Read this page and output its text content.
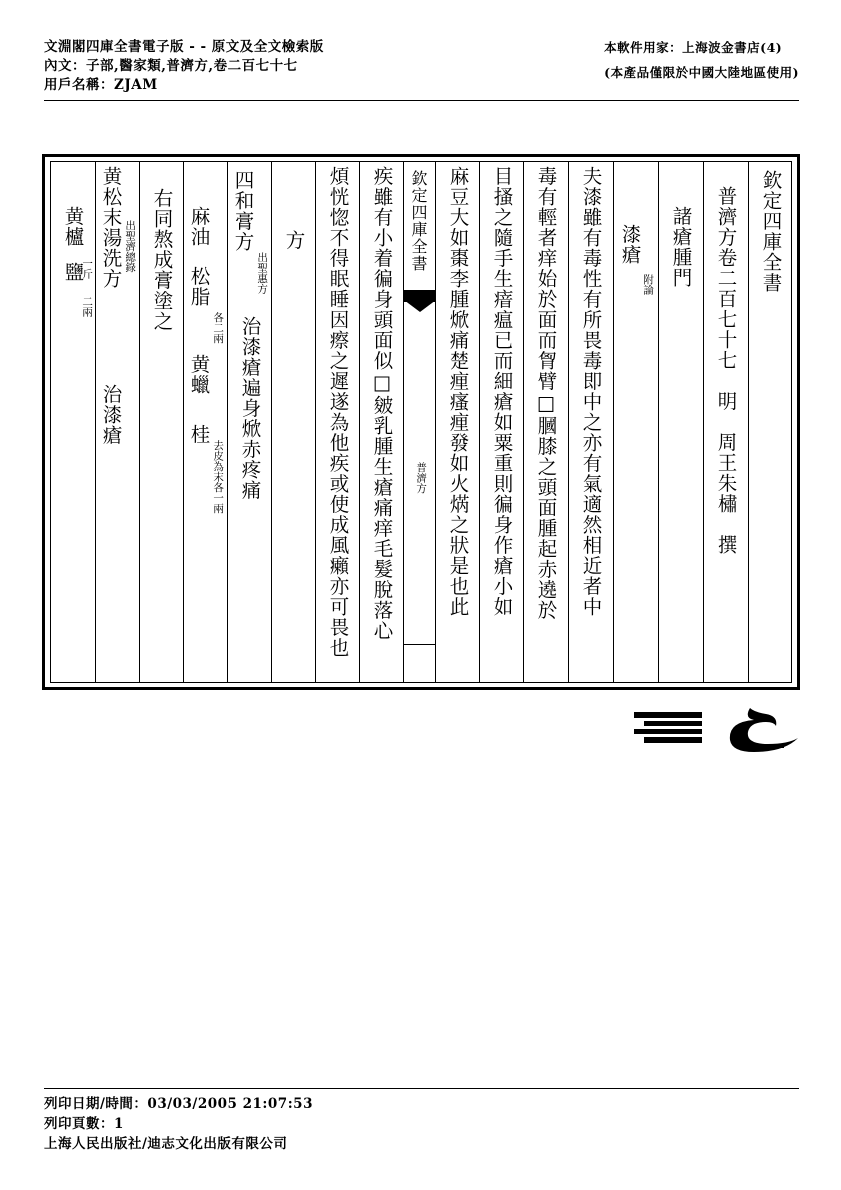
文淵閣四庫全書電子版 - - 原文及全文檢索版
內文：子部,醫家類,普濟方,卷二百七十七
用戶名稱：ZJAM
本軟件用家：上海波金書店(4)
(本產品僅限於中國大陸地區使用)
欽定四庫全書
普濟方卷二百七十七　明　周王朱橚　撰
諸瘡腫門
漆瘡
附論
夫漆雖有毒性有所畏毒即中之亦有氣適然相近者中
毒有輕者痒始於面而胷臂□膕膝之頭面腫起赤遶於
目搔之隨手生瘖瘟已而細瘡如粟重則徧身作瘡小如
麻豆大如棗李腫焮痛楚㾖瘙㾖發如火焫之狀是也此
欽定四庫全書
普濟方
疾雖有小着徧身頭面似□皴乳腫生瘡痛痒毛髮脫落心
煩恍惚不得眠睡因瘵之遲遂為他疾或使成風癩亦可畏也
方
四和膏方
出聖惠方
治漆瘡遍身焮赤疼痛
麻油
松脂
各二兩
黄蠟
桂
去皮為末各一兩
右同熬成膏塗之
黄松末湯洗方 出聖濟總錄
治漆瘡
黄櫨
一斤
鹽
二兩
列印日期/時間：03/03/2005 21:07:53
列印頁數：1
上海人民出版社/迪志文化出版有限公司
